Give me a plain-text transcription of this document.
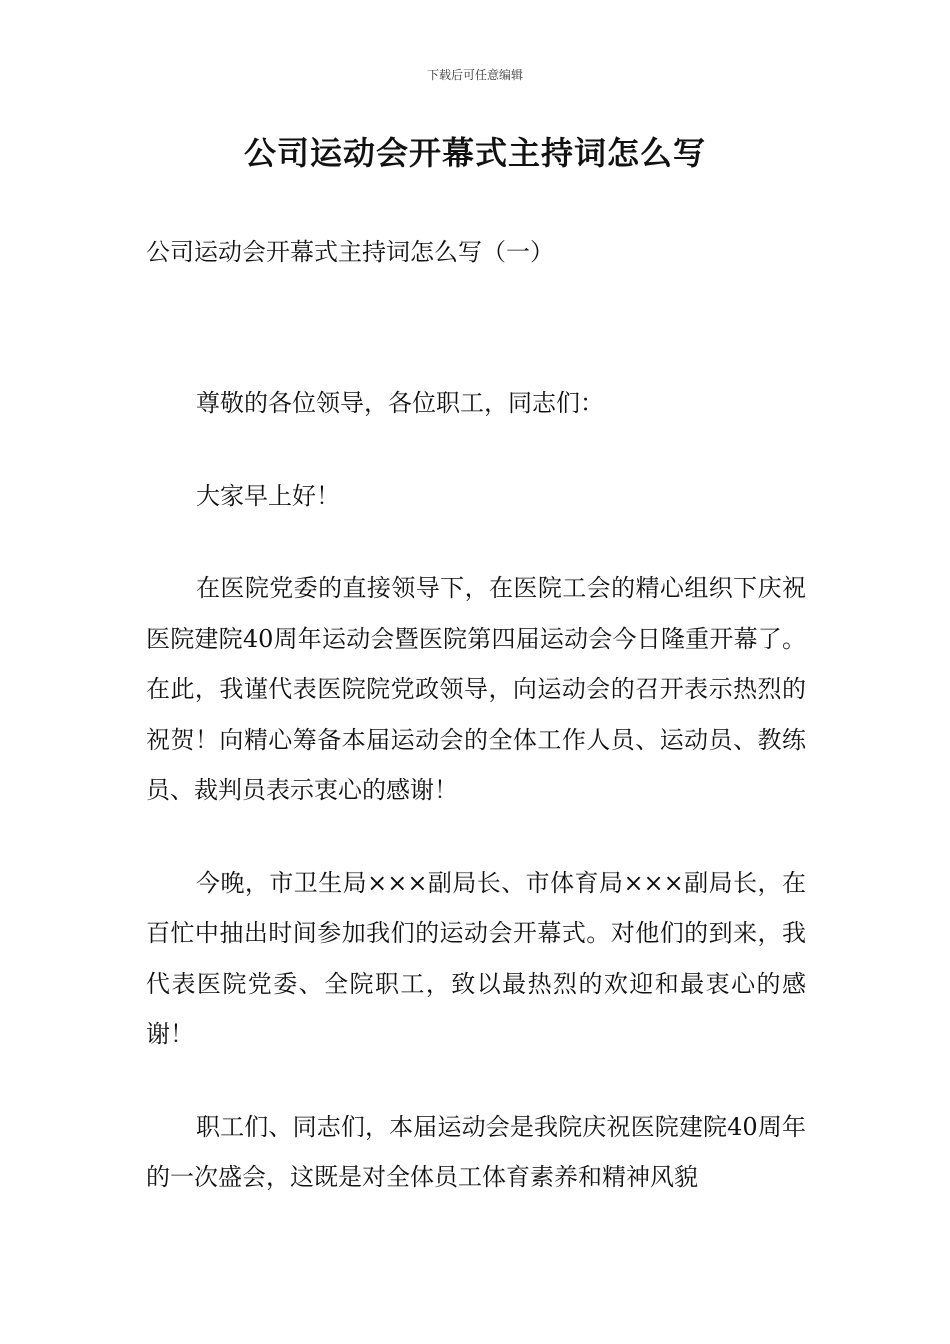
下载后可任意编辑
公司运动会开幕式主持词怎么写
公司运动会开幕式主持词怎么写（一）

尊敬的各位领导，各位职工，同志们：

大家早上好！

在医院党委的直接领导下，在医院工会的精心组织下庆祝医院建院40周年运动会暨医院第四届运动会今日隆重开幕了。在此，我谨代表医院院党政领导，向运动会的召开表示热烈的祝贺！向精心筹备本届运动会的全体工作人员、运动员、教练员、裁判员表示衷心的感谢！

今晚，市卫生局×××副局长、市体育局×××副局长，在百忙中抽出时间参加我们的运动会开幕式。对他们的到来，我代表医院党委、全院职工，致以最热烈的欢迎和最衷心的感谢！

职工们、同志们，本届运动会是我院庆祝医院建院40周年的一次盛会，这既是对全体员工体育素养和精神风貌
